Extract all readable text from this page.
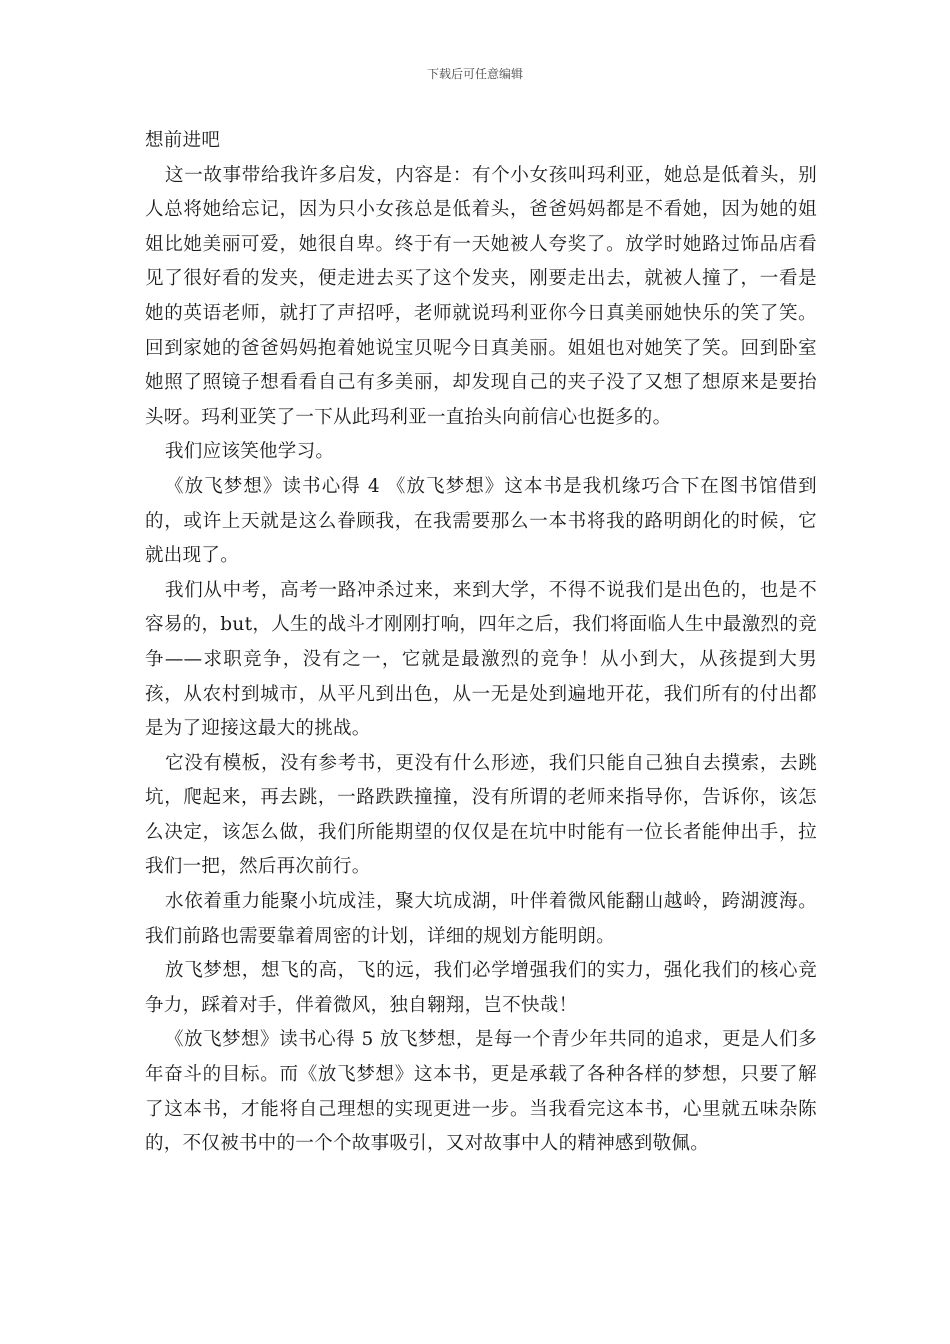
下载后可任意编辑

想前进吧

这一故事带给我许多启发，内容是：有个小女孩叫玛利亚，她总是低着头，别人总将她给忘记，因为只小女孩总是低着头，爸爸妈妈都是不看她，因为她的姐姐比她美丽可爱，她很自卑。终于有一天她被人夸奖了。放学时她路过饰品店看见了很好看的发夹，便走进去买了这个发夹，刚要走出去，就被人撞了，一看是她的英语老师，就打了声招呼，老师就说玛利亚你今日真美丽她快乐的笑了笑。回到家她的爸爸妈妈抱着她说宝贝呢今日真美丽。姐姐也对她笑了笑。回到卧室她照了照镜子想看看自己有多美丽，却发现自己的夹子没了又想了想原来是要抬头呀。玛利亚笑了一下从此玛利亚一直抬头向前信心也挺多的。

我们应该笑他学习。

《放飞梦想》读书心得 4 《放飞梦想》这本书是我机缘巧合下在图书馆借到的，或许上天就是这么眷顾我，在我需要那么一本书将我的路明朗化的时候，它就出现了。

我们从中考，高考一路冲杀过来，来到大学，不得不说我们是出色的，也是不容易的，but，人生的战斗才刚刚打响，四年之后，我们将面临人生中最激烈的竞争——求职竞争，没有之一，它就是最激烈的竞争！从小到大，从孩提到大男孩，从农村到城市，从平凡到出色，从一无是处到遍地开花，我们所有的付出都是为了迎接这最大的挑战。

它没有模板，没有参考书，更没有什么形迹，我们只能自己独自去摸索，去跳坑，爬起来，再去跳，一路跌跌撞撞，没有所谓的老师来指导你，告诉你，该怎么决定，该怎么做，我们所能期望的仅仅是在坑中时能有一位长者能伸出手，拉我们一把，然后再次前行。

水依着重力能聚小坑成洼，聚大坑成湖，叶伴着微风能翻山越岭，跨湖渡海。我们前路也需要靠着周密的计划，详细的规划方能明朗。

放飞梦想，想飞的高，飞的远，我们必学增强我们的实力，强化我们的核心竞争力，踩着对手，伴着微风，独自翱翔，岂不快哉！

《放飞梦想》读书心得 5 放飞梦想，是每一个青少年共同的追求，更是人们多年奋斗的目标。而《放飞梦想》这本书，更是承载了各种各样的梦想，只要了解了这本书，才能将自己理想的实现更进一步。当我看完这本书，心里就五味杂陈的，不仅被书中的一个个故事吸引，又对故事中人的精神感到敬佩。
